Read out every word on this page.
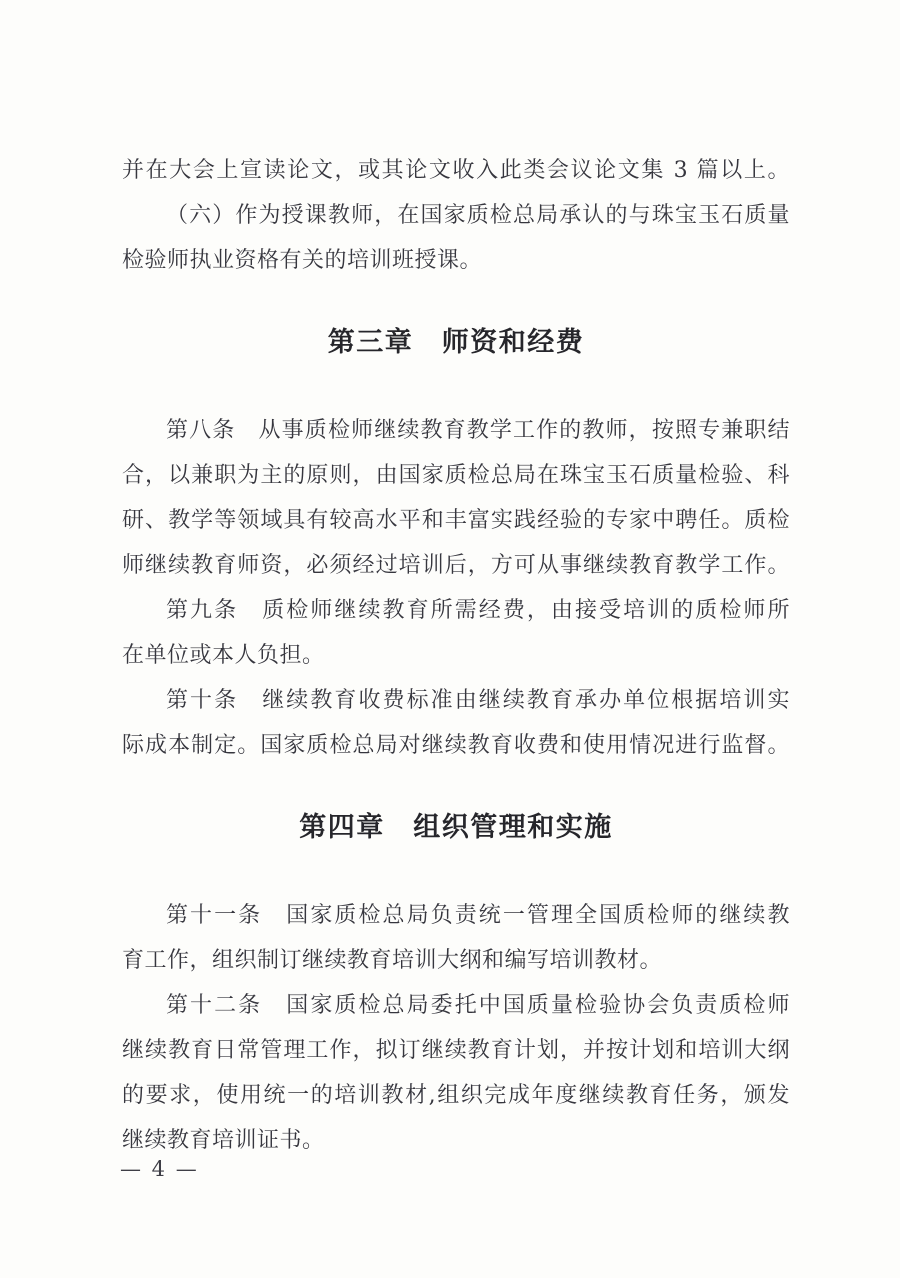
并在大会上宣读论文，或其论文收入此类会议论文集 3 篇以上。

（六）作为授课教师，在国家质检总局承认的与珠宝玉石质量
检验师执业资格有关的培训班授课。

第三章　师资和经费

第八条　从事质检师继续教育教学工作的教师，按照专兼职结
合，以兼职为主的原则，由国家质检总局在珠宝玉石质量检验、科
研、教学等领域具有较高水平和丰富实践经验的专家中聘任。质检
师继续教育师资，必须经过培训后，方可从事继续教育教学工作。

第九条　质检师继续教育所需经费，由接受培训的质检师所
在单位或本人负担。

第十条　继续教育收费标准由继续教育承办单位根据培训实
际成本制定。国家质检总局对继续教育收费和使用情况进行监督。

第四章　组织管理和实施

第十一条　国家质检总局负责统一管理全国质检师的继续教
育工作，组织制订继续教育培训大纲和编写培训教材。

第十二条　国家质检总局委托中国质量检验协会负责质检师
继续教育日常管理工作，拟订继续教育计划，并按计划和培训大纲
的要求，使用统一的培训教材,组织完成年度继续教育任务，颁发
继续教育培训证书。

— 4 —
